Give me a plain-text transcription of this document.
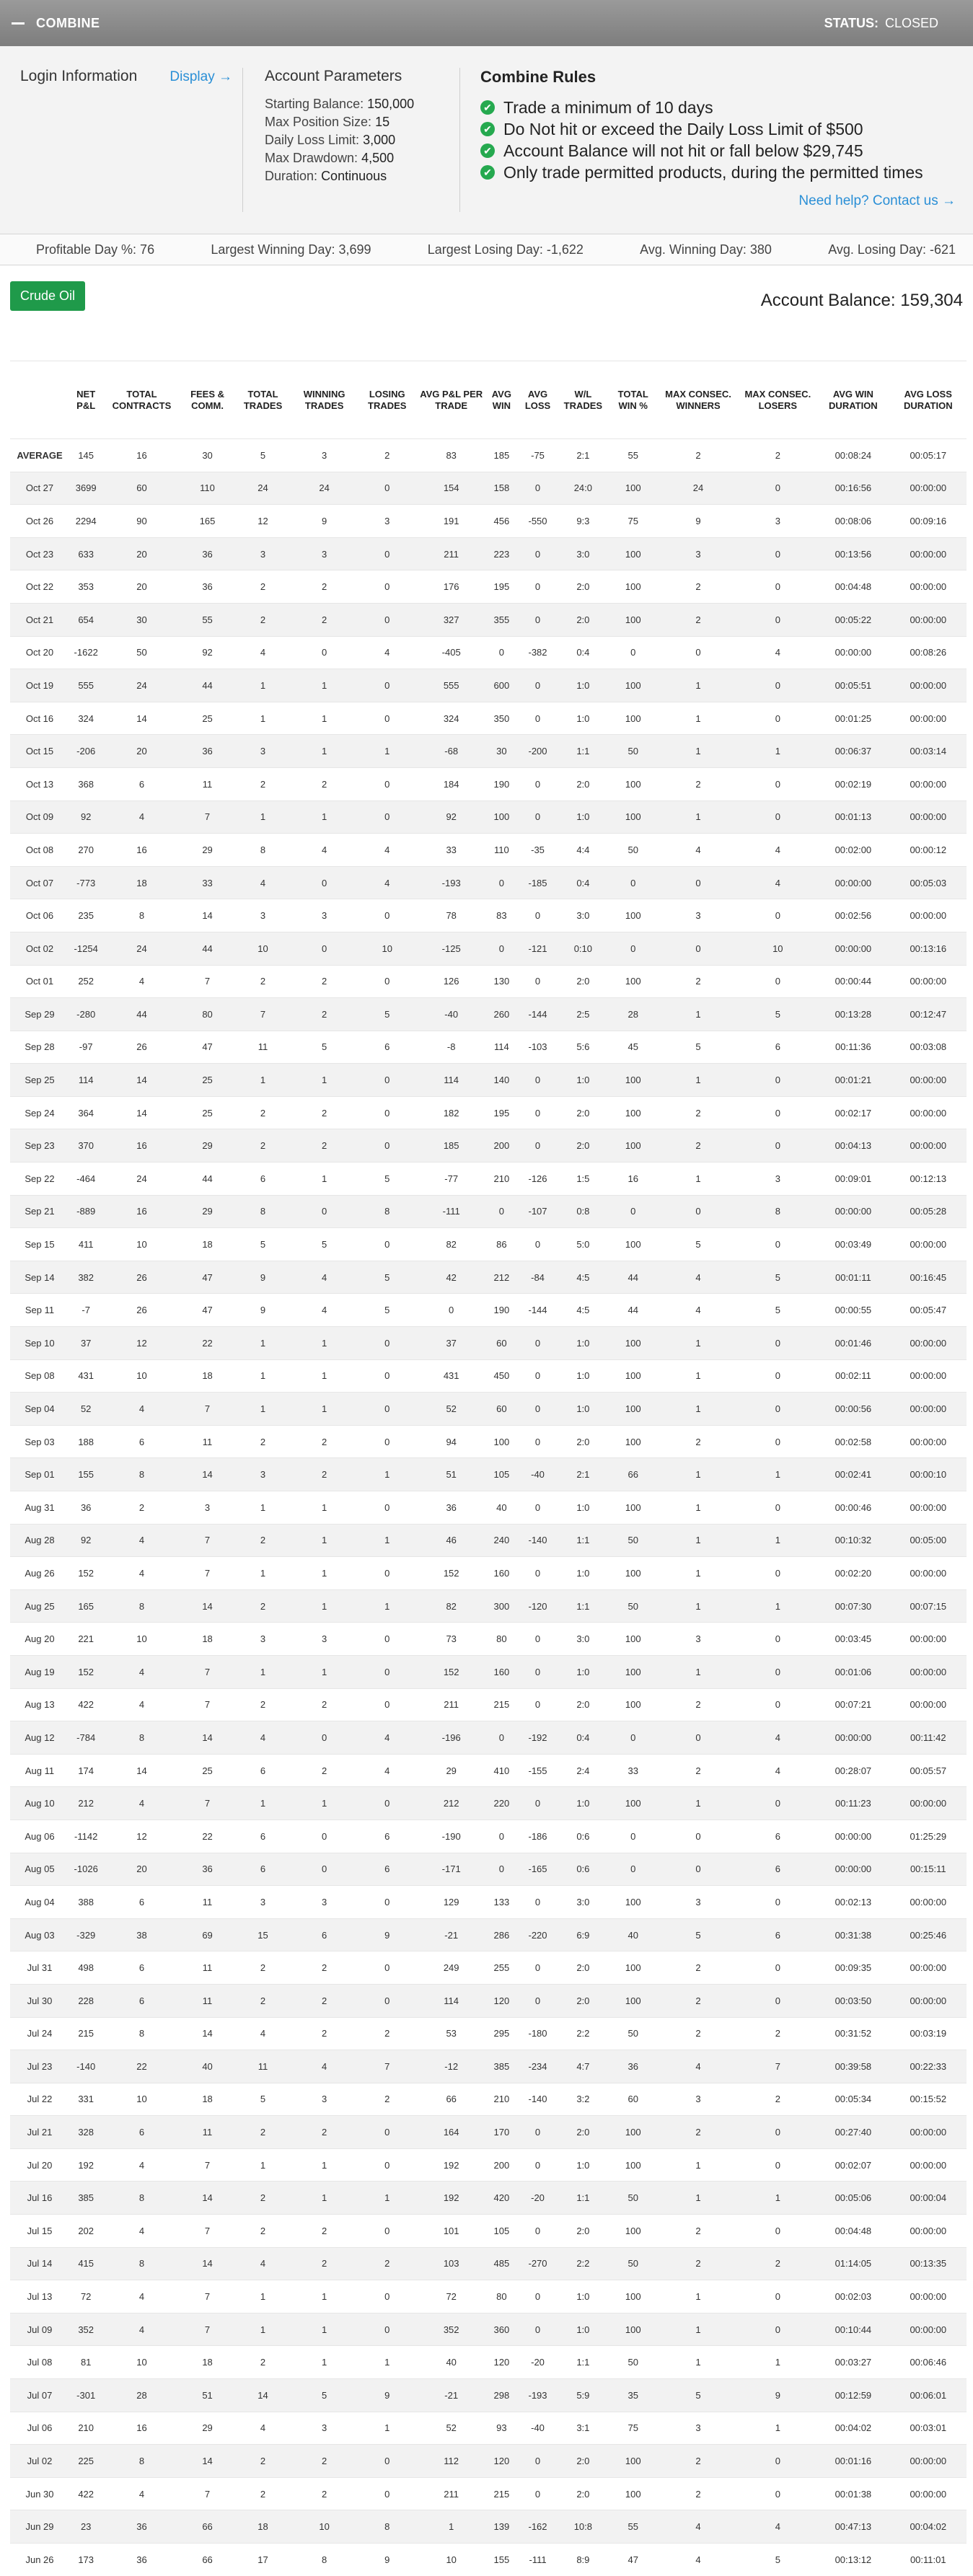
COMBINE	STATUS: CLOSED
Login Information Display → Account Parameters
Starting Balance: 150,000
Max Position Size: 15
Daily Loss Limit: 3,000
Max Drawdown: 4,500
Duration: Continuous
Combine Rules
✔ Trade a minimum of 10 days
✔ Do Not hit or exceed the Daily Loss Limit of $500
✔ Account Balance will not hit or fall below $29,745
✔ Only trade permitted products, during the permitted times
Need help? Contact us →
Profitable Day %: 76	Largest Winning Day: 3,699	Largest Losing Day: -1,622	Avg. Winning Day: 380	Avg. Losing Day: -621
Crude Oil	Account Balance: 159,304
	NET P&L	TOTAL CONTRACTS	FEES & COMM.	TOTAL TRADES	WINNING TRADES	LOSING TRADES	AVG P&L PER TRADE	AVG WIN	AVG LOSS	W/L TRADES	TOTAL WIN %	MAX CONSEC. WINNERS	MAX CONSEC. LOSERS	AVG WIN DURATION	AVG LOSS DURATION
AVERAGE	145	16	30	5	3	2	83	185	-75	2:1	55	2	2	00:08:24	00:05:17
Oct 27	3699	60	110	24	24	0	154	158	0	24:0	100	24	0	00:16:56	00:00:00
Oct 26	2294	90	165	12	9	3	191	456	-550	9:3	75	9	3	00:08:06	00:09:16
Oct 23	633	20	36	3	3	0	211	223	0	3:0	100	3	0	00:13:56	00:00:00
Oct 22	353	20	36	2	2	0	176	195	0	2:0	100	2	0	00:04:48	00:00:00
Oct 21	654	30	55	2	2	0	327	355	0	2:0	100	2	0	00:05:22	00:00:00
Oct 20	-1622	50	92	4	0	4	-405	0	-382	0:4	0	0	4	00:00:00	00:08:26
Oct 19	555	24	44	1	1	0	555	600	0	1:0	100	1	0	00:05:51	00:00:00
Oct 16	324	14	25	1	1	0	324	350	0	1:0	100	1	0	00:01:25	00:00:00
Oct 15	-206	20	36	3	1	1	-68	30	-200	1:1	50	1	1	00:06:37	00:03:14
Oct 13	368	6	11	2	2	0	184	190	0	2:0	100	2	0	00:02:19	00:00:00
Oct 09	92	4	7	1	1	0	92	100	0	1:0	100	1	0	00:01:13	00:00:00
Oct 08	270	16	29	8	4	4	33	110	-35	4:4	50	4	4	00:02:00	00:00:12
Oct 07	-773	18	33	4	0	4	-193	0	-185	0:4	0	0	4	00:00:00	00:05:03
Oct 06	235	8	14	3	3	0	78	83	0	3:0	100	3	0	00:02:56	00:00:00
Oct 02	-1254	24	44	10	0	10	-125	0	-121	0:10	0	0	10	00:00:00	00:13:16
Oct 01	252	4	7	2	2	0	126	130	0	2:0	100	2	0	00:00:44	00:00:00
Sep 29	-280	44	80	7	2	5	-40	260	-144	2:5	28	1	5	00:13:28	00:12:47
Sep 28	-97	26	47	11	5	6	-8	114	-103	5:6	45	5	6	00:11:36	00:03:08
Sep 25	114	14	25	1	1	0	114	140	0	1:0	100	1	0	00:01:21	00:00:00
Sep 24	364	14	25	2	2	0	182	195	0	2:0	100	2	0	00:02:17	00:00:00
Sep 23	370	16	29	2	2	0	185	200	0	2:0	100	2	0	00:04:13	00:00:00
Sep 22	-464	24	44	6	1	5	-77	210	-126	1:5	16	1	3	00:09:01	00:12:13
Sep 21	-889	16	29	8	0	8	-111	0	-107	0:8	0	0	8	00:00:00	00:05:28
Sep 15	411	10	18	5	5	0	82	86	0	5:0	100	5	0	00:03:49	00:00:00
Sep 14	382	26	47	9	4	5	42	212	-84	4:5	44	4	5	00:01:11	00:16:45
Sep 11	-7	26	47	9	4	5	0	190	-144	4:5	44	4	5	00:00:55	00:05:47
Sep 10	37	12	22	1	1	0	37	60	0	1:0	100	1	0	00:01:46	00:00:00
Sep 08	431	10	18	1	1	0	431	450	0	1:0	100	1	0	00:02:11	00:00:00
Sep 04	52	4	7	1	1	0	52	60	0	1:0	100	1	0	00:00:56	00:00:00
Sep 03	188	6	11	2	2	0	94	100	0	2:0	100	2	0	00:02:58	00:00:00
Sep 01	155	8	14	3	2	1	51	105	-40	2:1	66	1	1	00:02:41	00:00:10
Aug 31	36	2	3	1	1	0	36	40	0	1:0	100	1	0	00:00:46	00:00:00
Aug 28	92	4	7	2	1	1	46	240	-140	1:1	50	1	1	00:10:32	00:05:00
Aug 26	152	4	7	1	1	0	152	160	0	1:0	100	1	0	00:02:20	00:00:00
Aug 25	165	8	14	2	1	1	82	300	-120	1:1	50	1	1	00:07:30	00:07:15
Aug 20	221	10	18	3	3	0	73	80	0	3:0	100	3	0	00:03:45	00:00:00
Aug 19	152	4	7	1	1	0	152	160	0	1:0	100	1	0	00:01:06	00:00:00
Aug 13	422	4	7	2	2	0	211	215	0	2:0	100	2	0	00:07:21	00:00:00
Aug 12	-784	8	14	4	0	4	-196	0	-192	0:4	0	0	4	00:00:00	00:11:42
Aug 11	174	14	25	6	2	4	29	410	-155	2:4	33	2	4	00:28:07	00:05:57
Aug 10	212	4	7	1	1	0	212	220	0	1:0	100	1	0	00:11:23	00:00:00
Aug 06	-1142	12	22	6	0	6	-190	0	-186	0:6	0	0	6	00:00:00	01:25:29
Aug 05	-1026	20	36	6	0	6	-171	0	-165	0:6	0	0	6	00:00:00	00:15:11
Aug 04	388	6	11	3	3	0	129	133	0	3:0	100	3	0	00:02:13	00:00:00
Aug 03	-329	38	69	15	6	9	-21	286	-220	6:9	40	5	6	00:31:38	00:25:46
Jul 31	498	6	11	2	2	0	249	255	0	2:0	100	2	0	00:09:35	00:00:00
Jul 30	228	6	11	2	2	0	114	120	0	2:0	100	2	0	00:03:50	00:00:00
Jul 24	215	8	14	4	2	2	53	295	-180	2:2	50	2	2	00:31:52	00:03:19
Jul 23	-140	22	40	11	4	7	-12	385	-234	4:7	36	4	7	00:39:58	00:22:33
Jul 22	331	10	18	5	3	2	66	210	-140	3:2	60	3	2	00:05:34	00:15:52
Jul 21	328	6	11	2	2	0	164	170	0	2:0	100	2	0	00:27:40	00:00:00
Jul 20	192	4	7	1	1	0	192	200	0	1:0	100	1	0	00:02:07	00:00:00
Jul 16	385	8	14	2	1	1	192	420	-20	1:1	50	1	1	00:05:06	00:00:04
Jul 15	202	4	7	2	2	0	101	105	0	2:0	100	2	0	00:04:48	00:00:00
Jul 14	415	8	14	4	2	2	103	485	-270	2:2	50	2	2	01:14:05	00:13:35
Jul 13	72	4	7	1	1	0	72	80	0	1:0	100	1	0	00:02:03	00:00:00
Jul 09	352	4	7	1	1	0	352	360	0	1:0	100	1	0	00:10:44	00:00:00
Jul 08	81	10	18	2	1	1	40	120	-20	1:1	50	1	1	00:03:27	00:06:46
Jul 07	-301	28	51	14	5	9	-21	298	-193	5:9	35	5	9	00:12:59	00:06:01
Jul 06	210	16	29	4	3	1	52	93	-40	3:1	75	3	1	00:04:02	00:03:01
Jul 02	225	8	14	2	2	0	112	120	0	2:0	100	2	0	00:01:16	00:00:00
Jun 30	422	4	7	2	2	0	211	215	0	2:0	100	2	0	00:01:38	00:00:00
Jun 29	23	36	66	18	10	8	1	139	-162	10:8	55	4	4	00:47:13	00:04:02
Jun 26	173	36	66	17	8	9	10	155	-111	8:9	47	4	5	00:13:12	00:11:01
